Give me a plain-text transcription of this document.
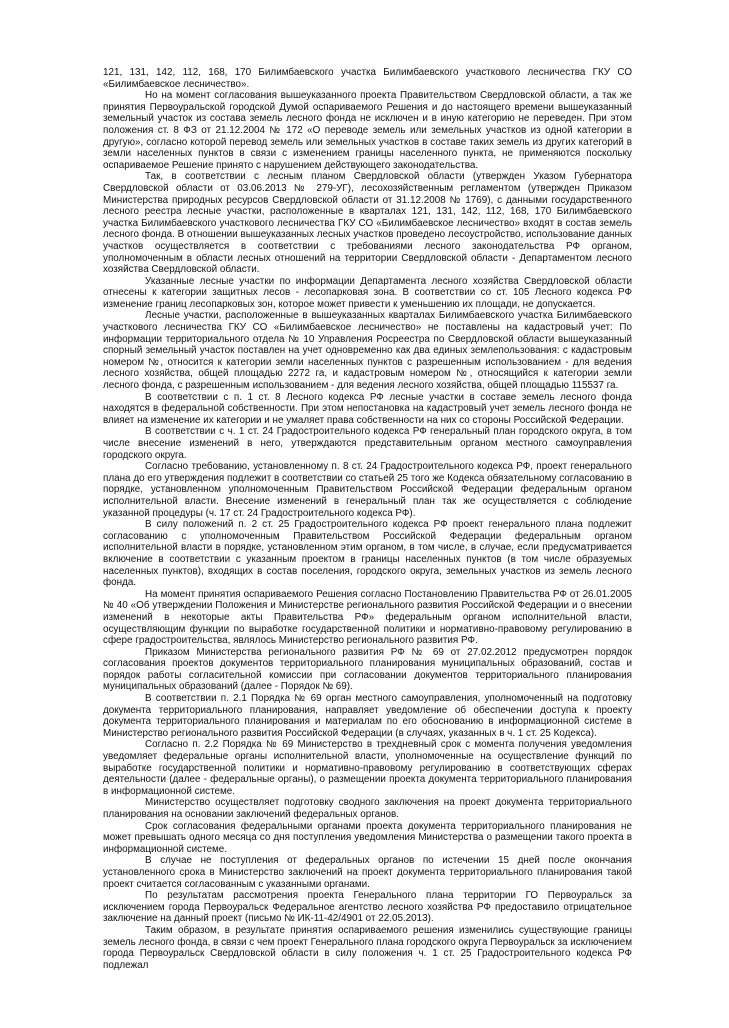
121, 131, 142, 112, 168, 170 Билимбаевского участка Билимбаевского участкового лесничества ГКУ СО «Билимбаевское лесничество».

Но на момент согласования вышеуказанного проекта Правительством Свердловской области, а так же принятия Первоуральской городской Думой оспариваемого Решения и до настоящего времени вышеуказанный земельный участок из состава земель лесного фонда не исключен и в иную категорию не переведен. При этом положения ст. 8 ФЗ от 21.12.2004 № 172 «О переводе земель или земельных участков из одной категории в другую», согласно которой перевод земель или земельных участков в составе таких земель из других категорий в земли населенных пунктов в связи с изменением границы населенного пункта, не применяются поскольку оспариваемое Решение принято с нарушением действующего законодательства.

Так, в соответствии с лесным планом Свердловской области (утвержден Указом Губернатора Свердловской области от 03.06.2013 № 279-УГ), лесохозяйственным регламентом (утвержден Приказом Министерства природных ресурсов Свердловской области от 31.12.2008 № 1769), с данными государственного лесного реестра лесные участки, расположенные в кварталах 121, 131, 142, 112, 168, 170 Билимбаевского участка Билимбаевского участкового лесничества ГКУ СО «Билимбаевское лесничество» входят в состав земель лесного фонда. В отношении вышеуказанных лесных участков проведено лесоустройство, использование данных участков осуществляется в соответствии с требованиями лесного законодательства РФ органом, уполномоченным в области лесных отношений на территории Свердловской области - Департаментом лесного хозяйства Свердловской области.

Указанные лесные участки по информации Департамента лесного хозяйства Свердловской области отнесены к категории защитных лесов - лесопарковая зона. В соответствии со ст. 105 Лесного кодекса РФ изменение границ лесопарковых зон, которое может привести к уменьшению их площади, не допускается.

Лесные участки, расположенные в вышеуказанных кварталах Билимбаевского участка Билимбаевского участкового лесничества ГКУ СО «Билимбаевское лесничество» не поставлены на кадастровый учет: По информации территориального отдела № 10 Управления Росреестра по Свердловской области вышеуказанный спорный земельный участок поставлен на учет одновременно как два единых землепользования: с кадастровым номером №, относится к категории земли населенных пунктов с разрешенным использованием - для ведения лесного хозяйства, общей площадью 2272 га, и кадастровым номером №, относящийся к категории земли лесного фонда, с разрешенным использованием - для ведения лесного хозяйства, общей площадью 115537 га.

В соответствии с п. 1 ст. 8 Лесного кодекса РФ лесные участки в составе земель лесного фонда находятся в федеральной собственности. При этом непостановка на кадастровый учет земель лесного фонда не влияет на изменение их категории и не умаляет права собственности на них со стороны Российской Федерации.

В соответствии с ч. 1 ст. 24 Градостроительного кодекса РФ генеральный план городского округа, в том числе внесение изменений в него, утверждаются представительным органом местного самоуправления городского округа.

Согласно требованию, установленному п. 8 ст. 24 Градостроительного кодекса РФ, проект генерального плана до его утверждения подлежит в соответствии со статьей 25 того же Кодекса обязательному согласованию в порядке, установленном уполномоченным Правительством Российской Федерации федеральным органом исполнительной власти. Внесение изменений в генеральный план так же осуществляется с соблюдение указанной процедуры (ч. 17 ст. 24 Градостроительного кодекса РФ).

В силу положений п. 2 ст. 25 Градостроительного кодекса РФ проект генерального плана подлежит согласованию с уполномоченным Правительством Российской Федерации федеральным органом исполнительной власти в порядке, установленном этим органом, в том числе, в случае, если предусматривается включение в соответствии с указанным проектом в границы населенных пунктов (в том числе образуемых населенных пунктов), входящих в состав поселения, городского округа, земельных участков из земель лесного фонда.

На момент принятия оспариваемого Решения согласно Постановлению Правительства РФ от 26.01.2005 № 40 «Об утверждении Положения и Министерстве регионального развития Российской Федерации и о внесении изменений в некоторые акты Правительства РФ» федеральным органом исполнительной власти, осуществляющим функции по выработке государственной политики и нормативно-правовому регулированию в сфере градостроительства, являлось Министерство регионального развития РФ.

Приказом Министерства регионального развития РФ № 69 от 27.02.2012 предусмотрен порядок согласования проектов документов территориального планирования муниципальных образований, состав и порядок работы согласительной комиссии при согласовании документов территориального планирования муниципальных образований (далее - Порядок № 69).

В соответствии п. 2.1 Порядка № 69 орган местного самоуправления, уполномоченный на подготовку документа территориального планирования, направляет уведомление об обеспечении доступа к проекту документа территориального планирования и материалам по его обоснованию в информационной системе в Министерство регионального развития Российской Федерации (в случаях, указанных в ч. 1 ст. 25 Кодекса).

Согласно п. 2.2 Порядка № 69 Министерство в трехдневный срок с момента получения уведомления уведомляет федеральные органы исполнительной власти, уполномоченные на осуществление функций по выработке государственной политики и нормативно-правовому регулированию в соответствующих сферах деятельности (далее - федеральные органы), о размещении проекта документа территориального планирования в информационной системе.

Министерство осуществляет подготовку сводного заключения на проект документа территориального планирования на основании заключений федеральных органов.

Срок согласования федеральными органами проекта документа территориального планирования не может превышать одного месяца со дня поступления уведомления Министерства о размещении такого проекта в информационной системе.

В случае не поступления от федеральных органов по истечении 15 дней после окончания установленного срока в Министерство заключений на проект документа территориального планирования такой проект считается согласованным с указанными органами.

По результатам рассмотрения проекта Генерального плана территории ГО Первоуральск за исключением города Первоуральск Федеральное агентство лесного хозяйства РФ предоставило отрицательное заключение на данный проект (письмо № ИК-11-42/4901 от 22.05.2013).

Таким образом, в результате принятия оспариваемого решения изменились существующие границы земель лесного фонда, в связи с чем проект Генерального плана городского округа Первоуральск за исключением города Первоуральск Свердловской области в силу положения ч. 1 ст. 25 Градостроительного кодекса РФ подлежал
